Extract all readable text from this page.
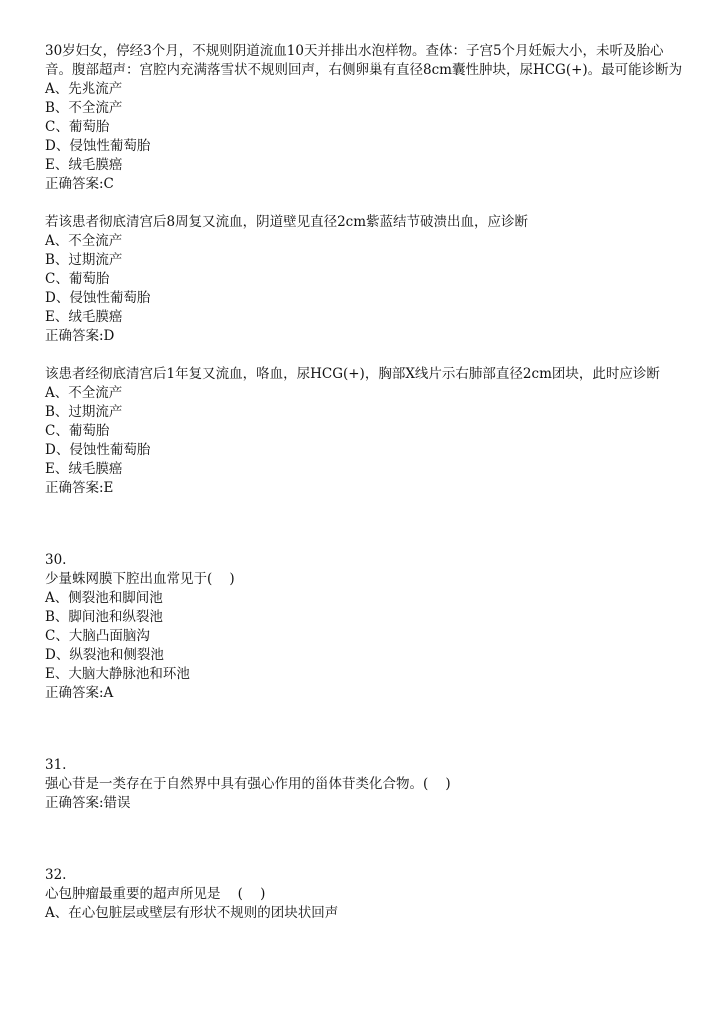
30岁妇女，停经3个月，不规则阴道流血10天并排出水泡样物。查体：子宫5个月妊娠大小，未听及胎心音。腹部超声：宫腔内充满落雪状不规则回声，右侧卵巢有直径8cm囊性肿块，尿HCG(+)。最可能诊断为

A、先兆流产

B、不全流产

C、葡萄胎

D、侵蚀性葡萄胎

E、绒毛膜癌

正确答案:C

若该患者彻底清宫后8周复又流血，阴道壁见直径2cm紫蓝结节破溃出血，应诊断

A、不全流产

B、过期流产

C、葡萄胎

D、侵蚀性葡萄胎

E、绒毛膜癌

正确答案:D

该患者经彻底清宫后1年复又流血，咯血，尿HCG(+)，胸部X线片示右肺部直径2cm团块，此时应诊断

A、不全流产

B、过期流产

C、葡萄胎

D、侵蚀性葡萄胎

E、绒毛膜癌

正确答案:E

30.

少量蛛网膜下腔出血常见于(    )

A、侧裂池和脚间池

B、脚间池和纵裂池

C、大脑凸面脑沟

D、纵裂池和侧裂池

E、大脑大静脉池和环池

正确答案:A

31.

强心苷是一类存在于自然界中具有强心作用的甾体苷类化合物。(    )

正确答案:错误

32.

心包肿瘤最重要的超声所见是    (    )

A、在心包脏层或壁层有形状不规则的团块状回声
